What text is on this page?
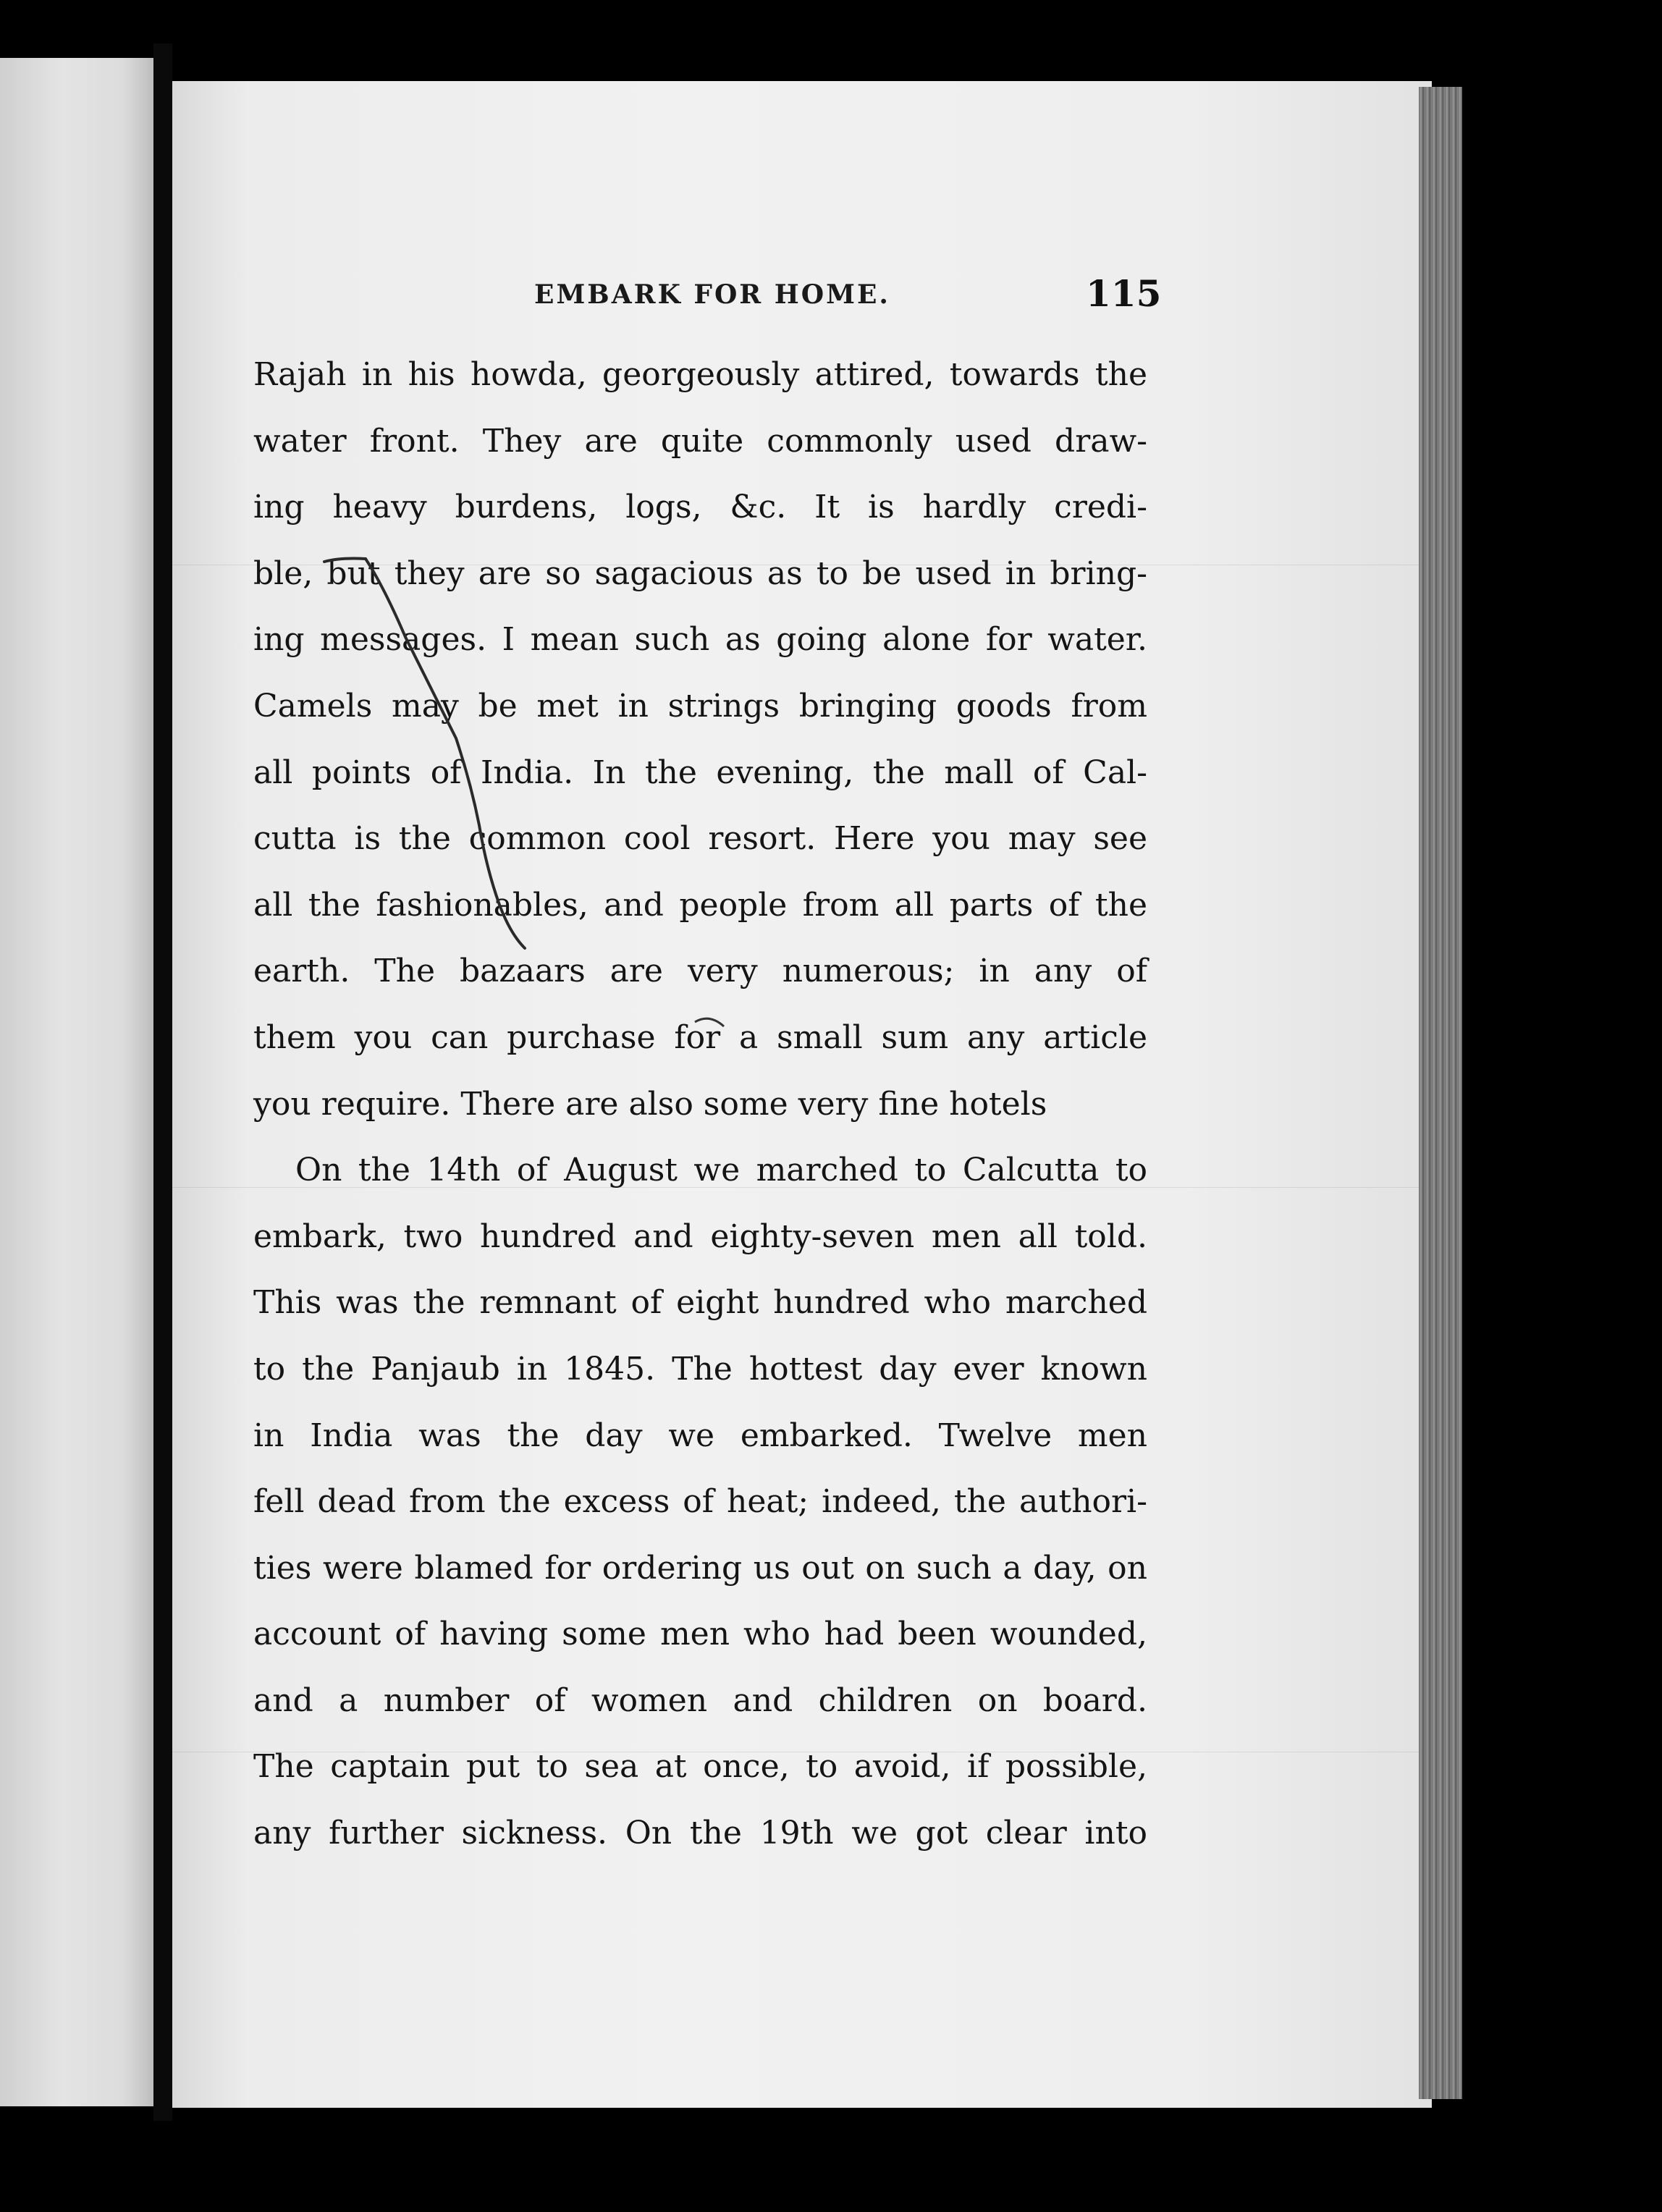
EMBARK FOR HOME.	115
Rajah in his howda, georgeously attired, towards the
water front. They are quite commonly used draw-
ing heavy burdens, logs, &c. It is hardly credi-
ble, but they are so sagacious as to be used in bring-
ing messages. I mean such as going alone for water.
Camels may be met in strings bringing goods from
all points of India. In the evening, the mall of Cal-
cutta is the common cool resort. Here you may see
all the fashionables, and people from all parts of the
earth. The bazaars are very numerous; in any of
them you can purchase for a small sum any article
you require. There are also some very fine hotels
On the 14th of August we marched to Calcutta to
embark, two hundred and eighty-seven men all told.
This was the remnant of eight hundred who marched
to the Panjaub in 1845. The hottest day ever known
in India was the day we embarked. Twelve men
fell dead from the excess of heat; indeed, the authori-
ties were blamed for ordering us out on such a day, on
account of having some men who had been wounded,
and a number of women and children on board.
The captain put to sea at once, to avoid, if possible,
any further sickness. On the 19th we got clear into
